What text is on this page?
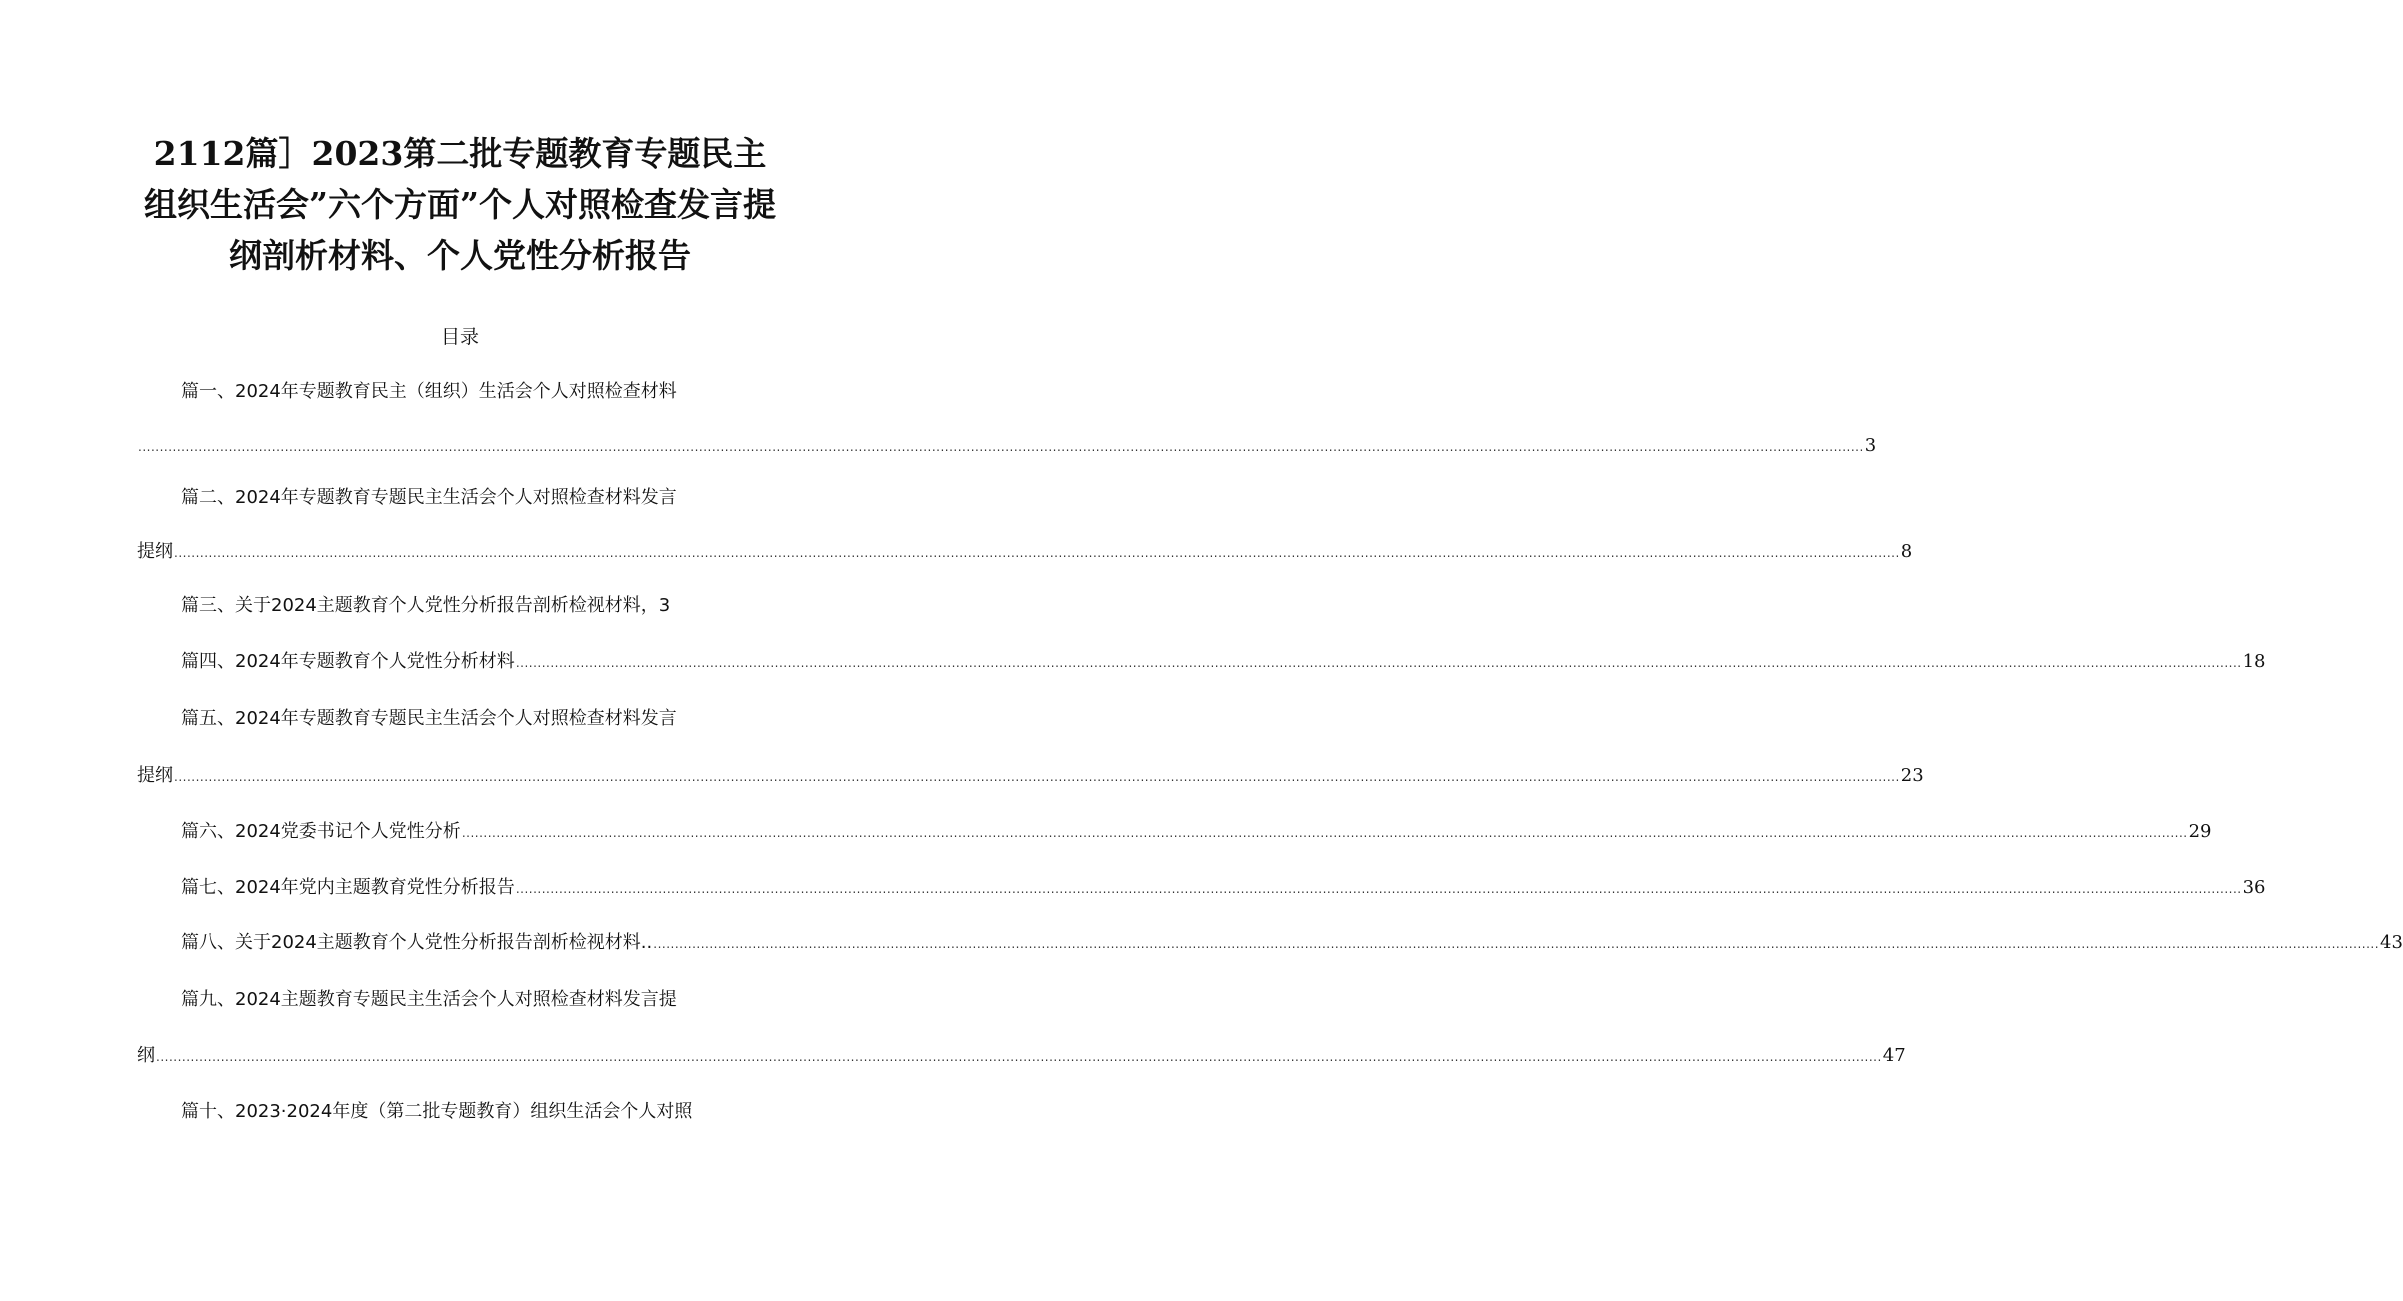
2112篇］2023第二批专题教育专题民主组织生活会”六个方面”个人对照检查发言提纲剖析材料、个人党性分析报告
目录
篇一、2024年专题教育民主（组织）生活会个人对照检查材料
................................................................................................................................................................................................................................................................................................................................................................................................................ 3
篇二、2024年专题教育专题民主生活会个人对照检查材料发言
提纲 ................................................................................................................................................................................................................................................................................................................................................................................................................ 8
篇三、关于2024主题教育个人党性分析报告剖析检视材料，3
篇四、2024年专题教育个人党性分析材料 ................................................................................................................................................................................................................................................................................................................................................................................................................ 18
篇五、2024年专题教育专题民主生活会个人对照检查材料发言
提纲 ................................................................................................................................................................................................................................................................................................................................................................................................................ 23
篇六、2024党委书记个人党性分析 ................................................................................................................................................................................................................................................................................................................................................................................................................ 29
篇七、2024年党内主题教育党性分析报告 ................................................................................................................................................................................................................................................................................................................................................................................................................ 36
篇八、关于2024主题教育个人党性分析报告剖析检视材料.. ................................................................................................................................................................................................................................................................................................................................................................................................................ 43
篇九、2024主题教育专题民主生活会个人对照检查材料发言提
纲 ................................................................................................................................................................................................................................................................................................................................................................................................................ 47
篇十、2023·2024年度（第二批专题教育）组织生活会个人对照
